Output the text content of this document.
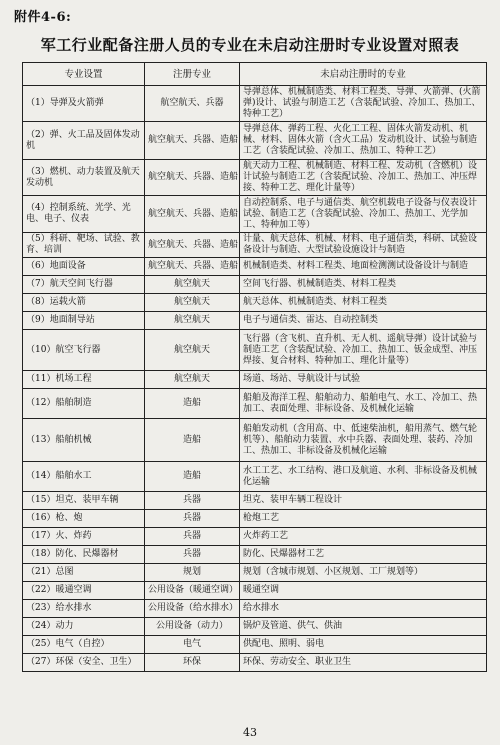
附件4-6:
军工行业配备注册人员的专业在未启动注册时专业设置对照表
专业设置	注册专业	未启动注册时的专业
（1）导弹及火箭弹	航空航天、兵器	导弹总体、机械制造类、材料工程类、导弹、火箭弹、(火箭弹)设计、试验与制造工艺（含装配试验、冷加工、热加工、特种工艺）
（2）弹、火工品及固体发动机	航空航天、兵器、造船	导弹总体、弹药工程、火化工工程、固体火箭发动机、机械、材料、固体火箭（含火工品）发动机设计、试验与制造工艺（含装配试验、冷加工、热加工、特种工艺）
（3）燃机、动力装置及航天发动机	航空航天、兵器、造船	航天动力工程、机械制造、材料工程、发动机（含燃机）设计试验与制造工艺（含装配试验、冷加工、热加工、冲压焊接、特种工艺、理化计量等）
（4）控制系统、光学、光电、电子、仪表	航空航天、兵器、造船	自动控制系、电子与通信类、航空机载电子设备与仪表设计试验、制造工艺（含装配试验、冷加工、热加工、光学加工、特种加工等）
（5）科研、靶场、试验、教育、培训	航空航天、兵器、造船	计量、航天总体、机械、材料、电子通信类，科研、试验设备设计与制造、大型试验设施设计与制造
（6）地面设备	航空航天、兵器、造船	机械制造类、材料工程类、地面检测测试设备设计与制造
（7）航天空间飞行器	航空航天	空间飞行器、机械制造类、材料工程类
（8）运载火箭	航空航天	航天总体、机械制造类、材料工程类
（9）地面制导站	航空航天	电子与通信类、雷达、自动控制类
（10）航空飞行器	航空航天	飞行器（含飞机、直升机、无人机、遥航导弹）设计试验与制造工艺（含装配试验、冷加工、热加工、钣金成型、冲压焊接、复合材料、特种加工、理化计量等）
（11）机场工程	航空航天	场道、场站、导航设计与试验
（12）船舶制造	造船	船舶及海洋工程、船舶动力、船舶电气、水工、冷加工、热加工、表面处理、非标设备、及机械化运输
（13）船舶机械	造船	船舶发动机（含用高、中、低速柴油机，船用蒸气、燃气轮机等）、船舶动力装置、水中兵器、表面处理、装药、冷加工、热加工、非标设备及机械化运输
（14）船舶水工	造船	水工工艺、水工结构、港口及航道、水利、非标设备及机械化运输
（15）坦克、装甲车辆	兵器	坦克、装甲车辆工程设计
（16）枪、炮	兵器	枪炮工艺
（17）火、炸药	兵器	火炸药工艺
（18）防化、民爆器材	兵器	防化、民爆器材工艺
（21）总图	规划	规划（含城市规划、小区规划、工厂规划等）
（22）暖通空调	公用设备（暖通空调）	暖通空调
（23）给水排水	公用设备（给水排水）	给水排水
（24）动力	公用设备（动力）	锅炉及管道、供气、供油
（25）电气（自控）	电气	供配电、照明、弱电
（27）环保（安全、卫生）	环保	环保、劳动安全、职业卫生
43
